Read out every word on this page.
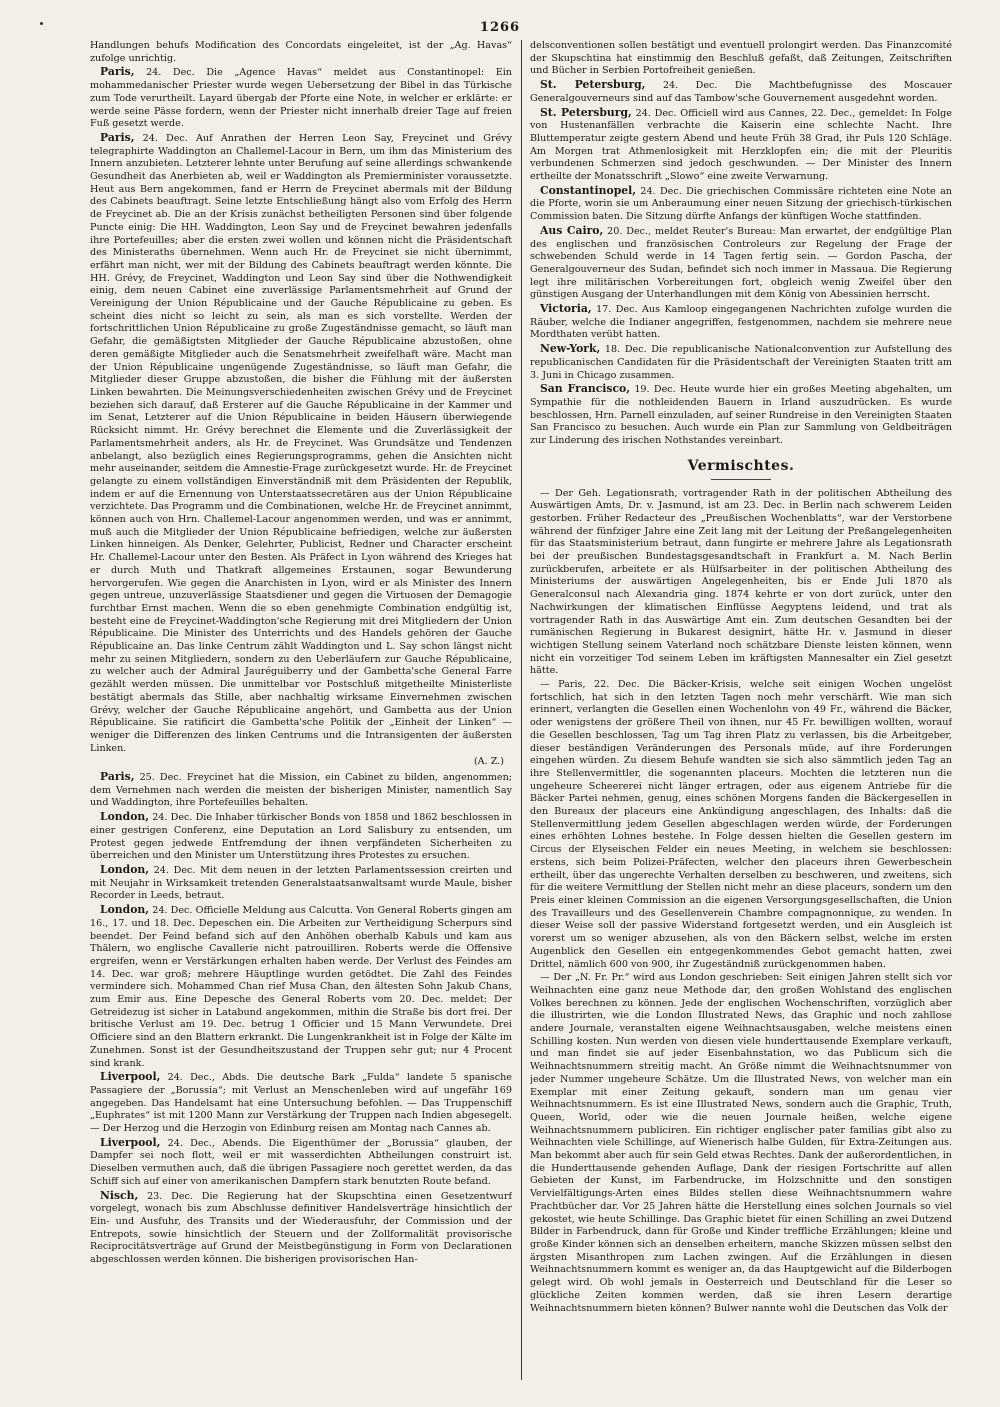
1266

Handlungen behufs Modification des Concordats eingeleitet, ist der „Ag. Havas“ zufolge unrichtig.

Paris, 24. Dec. Die „Agence Havas“ meldet aus Constantinopel: Ein mohammedanischer Priester wurde wegen Uebersetzung der Bibel in das Türkische zum Tode verurtheilt. Layard übergab der Pforte eine Note, in welcher er erklärte: er werde seine Pässe fordern, wenn der Priester nicht innerhalb dreier Tage auf freien Fuß gesetzt werde.

Paris, 24. Dec. Auf Anrathen der Herren Leon Say, Freycinet und Grévy telegraphirte Waddington an Challemel-Lacour in Bern, um ihm das Ministerium des Innern anzubieten. Letzterer lehnte unter Berufung auf seine allerdings schwankende Gesundheit das Anerbieten ab, weil er Waddington als Premierminister voraussetzte. Heut aus Bern angekommen, fand er Herrn de Freycinet abermals mit der Bildung des Cabinets beauftragt. Seine letzte Entschließung hängt also vom Erfolg des Herrn de Freycinet ab. Die an der Krisis zunächst betheiligten Personen sind über folgende Puncte einig: Die HH. Waddington, Leon Say und de Freycinet bewahren jedenfalls ihre Portefeuilles; aber die ersten zwei wollen und können nicht die Präsidentschaft des Ministeraths übernehmen. Wenn auch Hr. de Freycinet sie nicht übernimmt, erfährt man nicht, wer mit der Bildung des Cabinets beauftragt werden könnte. Die HH. Grévy, de Freycinet, Waddington und Leon Say sind über die Nothwendigkeit einig, dem neuen Cabinet eine zuverlässige Parlamentsmehrheit auf Grund der Vereinigung der Union Républicaine und der Gauche Républicaine zu geben. Es scheint dies nicht so leicht zu sein, als man es sich vorstellte. Werden der fortschrittlichen Union Républicaine zu große Zugeständnisse gemacht, so läuft man Gefahr, die gemäßigtsten Mitglieder der Gauche Républicaine abzustoßen, ohne deren gemäßigte Mitglieder auch die Senatsmehrheit zweifelhaft wäre. Macht man der Union Républicaine ungenügende Zugeständnisse, so läuft man Gefahr, die Mitglieder dieser Gruppe abzustoßen, die bisher die Fühlung mit der äußersten Linken bewahrten. Die Meinungsverschiedenheiten zwischen Grévy und de Freycinet beziehen sich darauf, daß Ersterer auf die Gauche Républicaine in der Kammer und im Senat, Letzterer auf die Union Républicaine in beiden Häusern überwiegende Rücksicht nimmt. Hr. Grévy berechnet die Elemente und die Zuverlässigkeit der Parlamentsmehrheit anders, als Hr. de Freycinet. Was Grundsätze und Tendenzen anbelangt, also bezüglich eines Regierungsprogramms, gehen die Ansichten nicht mehr auseinander, seitdem die Amnestie-Frage zurückgesetzt wurde. Hr. de Freycinet gelangte zu einem vollständigen Einverständniß mit dem Präsidenten der Republik, indem er auf die Ernennung von Unterstaatssecretären aus der Union Républicaine verzichtete. Das Programm und die Combinationen, welche Hr. de Freycinet annimmt, können auch von Hrn. Challemel-Lacour angenommen werden, und was er annimmt, muß auch die Mitglieder der Union Républicaine befriedigen, welche zur äußersten Linken hinneigen. Als Denker, Gelehrter, Publicist, Redner und Character erscheint Hr. Challemel-Lacour unter den Besten. Als Präfect in Lyon während des Krieges hat er durch Muth und Thatkraft allgemeines Erstaunen, sogar Bewunderung hervorgerufen. Wie gegen die Anarchisten in Lyon, wird er als Minister des Innern gegen untreue, unzuverlässige Staatsdiener und gegen die Virtuosen der Demagogie furchtbar Ernst machen. Wenn die so eben genehmigte Combination endgültig ist, besteht eine de Freycinet-Waddington'sche Regierung mit drei Mitgliedern der Union Républicaine. Die Minister des Unterrichts und des Handels gehören der Gauche Républicaine an. Das linke Centrum zählt Waddington und L. Say schon längst nicht mehr zu seinen Mitgliedern, sondern zu den Ueberläufern zur Gauche Républicaine, zu welcher auch der Admiral Jauréguiberry und der Gambetta'sche General Farre gezählt werden müssen. Die unmittelbar vor Postschluß mitgetheilte Ministerliste bestätigt abermals das Stille, aber nachhaltig wirksame Einvernehmen zwischen Grévy, welcher der Gauche Républicaine angehört, und Gambetta aus der Union Républicaine. Sie ratificirt die Gambetta'sche Politik der „Einheit der Linken“ — weniger die Differenzen des linken Centrums und die Intransigenten der äußersten Linken.

(A. Z.)

Paris, 25. Dec. Freycinet hat die Mission, ein Cabinet zu bilden, angenommen; dem Vernehmen nach werden die meisten der bisherigen Minister, namentlich Say und Waddington, ihre Portefeuilles behalten.

London, 24. Dec. Die Inhaber türkischer Bonds von 1858 und 1862 beschlossen in einer gestrigen Conferenz, eine Deputation an Lord Salisbury zu entsenden, um Protest gegen jedwede Entfremdung der ihnen verpfändeten Sicherheiten zu überreichen und den Minister um Unterstützung ihres Protestes zu ersuchen.

London, 24. Dec. Mit dem neuen in der letzten Parlamentssession creirten und mit Neujahr in Wirksamkeit tretenden Generalstaatsanwaltsamt wurde Maule, bisher Recorder in Leeds, betraut.

London, 24. Dec. Officielle Meldung aus Calcutta. Von General Roberts gingen am 16., 17. und 18. Dec. Depeschen ein. Die Arbeiten zur Vertheidigung Scherpurs sind beendet. Der Feind befand sich auf den Anhöhen oberhalb Kabuls und kam aus Thälern, wo englische Cavallerie nicht patrouilliren. Roberts werde die Offensive ergreifen, wenn er Verstärkungen erhalten haben werde. Der Verlust des Feindes am 14. Dec. war groß; mehrere Häuptlinge wurden getödtet. Die Zahl des Feindes vermindere sich. Mohammed Chan rief Musa Chan, den ältesten Sohn Jakub Chans, zum Emir aus. Eine Depesche des General Roberts vom 20. Dec. meldet: Der Getreidezug ist sicher in Latabund angekommen, mithin die Straße bis dort frei. Der britische Verlust am 19. Dec. betrug 1 Officier und 15 Mann Verwundete. Drei Officiere sind an den Blattern erkrankt. Die Lungenkrankheit ist in Folge der Kälte im Zunehmen. Sonst ist der Gesundheitszustand der Truppen sehr gut; nur 4 Procent sind krank.

Liverpool, 24. Dec., Abds. Die deutsche Bark „Fulda“ landete 5 spanische Passagiere der „Borussia“; mit Verlust an Menschenleben wird auf ungefähr 169 angegeben. Das Handelsamt hat eine Untersuchung befohlen. — Das Truppenschiff „Euphrates“ ist mit 1200 Mann zur Verstärkung der Truppen nach Indien abgesegelt. — Der Herzog und die Herzogin von Edinburg reisen am Montag nach Cannes ab.

Liverpool, 24. Dec., Abends. Die Eigenthümer der „Borussia“ glauben, der Dampfer sei noch flott, weil er mit wasserdichten Abtheilungen construirt ist. Dieselben vermuthen auch, daß die übrigen Passagiere noch gerettet werden, da das Schiff sich auf einer von amerikanischen Dampfern stark benutzten Route befand.

Nisch, 23. Dec. Die Regierung hat der Skupschtina einen Gesetzentwurf vorgelegt, wonach bis zum Abschlusse definitiver Handelsverträge hinsichtlich der Ein- und Ausfuhr, des Transits und der Wiederausfuhr, der Commission und der Entrepots, sowie hinsichtlich der Steuern und der Zollformalität provisorische Reciprocitätsverträge auf Grund der Meistbegünstigung in Form von Declarationen abgeschlossen werden können. Die bisherigen provisorischen Han-

delsconventionen sollen bestätigt und eventuell prolongirt werden. Das Finanzcomité der Skupschtina hat einstimmig den Beschluß gefaßt, daß Zeitungen, Zeitschriften und Bücher in Serbien Portofreiheit genießen.

St. Petersburg, 24. Dec. Die Machtbefugnisse des Moscauer Generalgouverneurs sind auf das Tambow'sche Gouvernement ausgedehnt worden.

St. Petersburg, 24. Dec. Officiell wird aus Cannes, 22. Dec., gemeldet: In Folge von Hustenanfällen verbrachte die Kaiserin eine schlechte Nacht. Ihre Bluttemperatur zeigte gestern Abend und heute Früh 38 Grad, ihr Puls 120 Schläge. Am Morgen trat Athmenlosigkeit mit Herzklopfen ein; die mit der Pleuritis verbundenen Schmerzen sind jedoch geschwunden. — Der Minister des Innern ertheilte der Monatsschrift „Slowo“ eine zweite Verwarnung.

Constantinopel, 24. Dec. Die griechischen Commissäre richteten eine Note an die Pforte, worin sie um Anberaumung einer neuen Sitzung der griechisch-türkischen Commission baten. Die Sitzung dürfte Anfangs der künftigen Woche stattfinden.

Aus Cairo, 20. Dec., meldet Reuter's Bureau: Man erwartet, der endgültige Plan des englischen und französischen Controleurs zur Regelung der Frage der schwebenden Schuld werde in 14 Tagen fertig sein. — Gordon Pascha, der Generalgouverneur des Sudan, befindet sich noch immer in Massaua. Die Regierung legt ihre militärischen Vorbereitungen fort, obgleich wenig Zweifel über den günstigen Ausgang der Unterhandlungen mit dem König von Abessinien herrscht.

Victoria, 17. Dec. Aus Kamloop eingegangenen Nachrichten zufolge wurden die Räuber, welche die Indianer angegriffen, festgenommen, nachdem sie mehrere neue Mordthaten verübt hatten.

New-York, 18. Dec. Die republicanische Nationalconvention zur Aufstellung des republicanischen Candidaten für die Präsidentschaft der Vereinigten Staaten tritt am 3. Juni in Chicago zusammen.

San Francisco, 19. Dec. Heute wurde hier ein großes Meeting abgehalten, um Sympathie für die nothleidenden Bauern in Irland auszudrücken. Es wurde beschlossen, Hrn. Parnell einzuladen, auf seiner Rundreise in den Vereinigten Staaten San Francisco zu besuchen. Auch wurde ein Plan zur Sammlung von Geldbeiträgen zur Linderung des irischen Nothstandes vereinbart.

Vermischtes.

— Der Geh. Legationsrath, vortragender Rath in der politischen Abtheilung des Auswärtigen Amts, Dr. v. Jasmund, ist am 23. Dec. in Berlin nach schwerem Leiden gestorben. Früher Redacteur des „Preußischen Wochenblatts“, war der Verstorbene während der fünfziger Jahre eine Zeit lang mit der Leitung der Preßangelegenheiten für das Staatsministerium betraut, dann fungirte er mehrere Jahre als Legationsrath bei der preußischen Bundestagsgesandtschaft in Frankfurt a. M. Nach Berlin zurückberufen, arbeitete er als Hülfsarbeiter in der politischen Abtheilung des Ministeriums der auswärtigen Angelegenheiten, bis er Ende Juli 1870 als Generalconsul nach Alexandria ging. 1874 kehrte er von dort zurück, unter den Nachwirkungen der klimatischen Einflüsse Aegyptens leidend, und trat als vortragender Rath in das Auswärtige Amt ein. Zum deutschen Gesandten bei der rumänischen Regierung in Bukarest designirt, hätte Hr. v. Jasmund in dieser wichtigen Stellung seinem Vaterland noch schätzbare Dienste leisten können, wenn nicht ein vorzeitiger Tod seinem Leben im kräftigsten Mannesalter ein Ziel gesetzt hätte.

— Paris, 22. Dec. Die Bäcker-Krisis, welche seit einigen Wochen ungelöst fortschlich, hat sich in den letzten Tagen noch mehr verschärft. Wie man sich erinnert, verlangten die Gesellen einen Wochenlohn von 49 Fr., während die Bäcker, oder wenigstens der größere Theil von ihnen, nur 45 Fr. bewilligen wollten, worauf die Gesellen beschlossen, Tag um Tag ihren Platz zu verlassen, bis die Arbeitgeber, dieser beständigen Veränderungen des Personals müde, auf ihre Forderungen eingehen würden. Zu diesem Behufe wandten sie sich also sämmtlich jeden Tag an ihre Stellenvermittler, die sogenannten placeurs. Mochten die letzteren nun die ungeheure Scheererei nicht länger ertragen, oder aus eigenem Antriebe für die Bäcker Partei nehmen, genug, eines schönen Morgens fanden die Bäckergesellen in den Bureaux der placeurs eine Ankündigung angeschlagen, des Inhalts: daß die Stellenvermittlung jedem Gesellen abgeschlagen werden würde, der Forderungen eines erhöhten Lohnes bestehe. In Folge dessen hielten die Gesellen gestern im Circus der Elyseischen Felder ein neues Meeting, in welchem sie beschlossen: erstens, sich beim Polizei-Präfecten, welcher den placeurs ihren Gewerbeschein ertheilt, über das ungerechte Verhalten derselben zu beschweren, und zweitens, sich für die weitere Vermittlung der Stellen nicht mehr an diese placeurs, sondern um den Preis einer kleinen Commission an die eigenen Versorgungsgesellschaften, die Union des Travailleurs und des Gesellenverein Chambre compagnonnique, zu wenden. In dieser Weise soll der passive Widerstand fortgesetzt werden, und ein Ausgleich ist vorerst um so weniger abzusehen, als von den Bäckern selbst, welche im ersten Augenblick den Gesellen ein entgegenkommendes Gebot gemacht hatten, zwei Drittel, nämlich 600 von 900, ihr Zugeständniß zurückgenommen haben.

— Der „N. Fr. Pr.“ wird aus London geschrieben: Seit einigen Jahren stellt sich vor Weihnachten eine ganz neue Methode dar, den großen Wohlstand des englischen Volkes berechnen zu können. Jede der englischen Wochenschriften, vorzüglich aber die illustrirten, wie die London Illustrated News, das Graphic und noch zahllose andere Journale, veranstalten eigene Weihnachtsausgaben, welche meistens einen Schilling kosten. Nun werden von diesen viele hunderttausende Exemplare verkauft, und man findet sie auf jeder Eisenbahnstation, wo das Publicum sich die Weihnachtsnummern streitig macht. An Größe nimmt die Weihnachtsnummer von jeder Nummer ungeheure Schätze. Um die Illustrated News, von welcher man ein Exemplar mit einer Zeitung gekauft, sondern man um genau vier Weihnachtsnummern. Es ist eine Illustrated News, sondern auch die Graphic, Truth, Queen, World, oder wie die neuen Journale heißen, welche eigene Weihnachtsnummern publiciren. Ein richtiger englischer pater familias gibt also zu Weihnachten viele Schillinge, auf Wienerisch halbe Gulden, für Extra-Zeitungen aus. Man bekommt aber auch für sein Geld etwas Rechtes. Dank der außerordentlichen, in die Hunderttausende gehenden Auflage, Dank der riesigen Fortschritte auf allen Gebieten der Kunst, im Farbendrucke, im Holzschnitte und den sonstigen Vervielfältigungs-Arten eines Bildes stellen diese Weihnachtsnummern wahre Prachtbücher dar. Vor 25 Jahren hätte die Herstellung eines solchen Journals so viel gekostet, wie heute Schillinge. Das Graphic bietet für einen Schilling an zwei Dutzend Bilder in Farbendruck, dann für Große und Kinder treffliche Erzählungen; kleine und große Kinder können sich an denselben erheitern, manche Skizzen müssen selbst den ärgsten Misanthropen zum Lachen zwingen. Auf die Erzählungen in diesen Weihnachtsnummern kommt es weniger an, da das Hauptgewicht auf die Bilderbogen gelegt wird. Ob wohl jemals in Oesterreich und Deutschland für die Leser so glückliche Zeiten kommen werden, daß sie ihren Lesern derartige Weihnachtsnummern bieten können? Bulwer nannte wohl die Deutschen das Volk der
